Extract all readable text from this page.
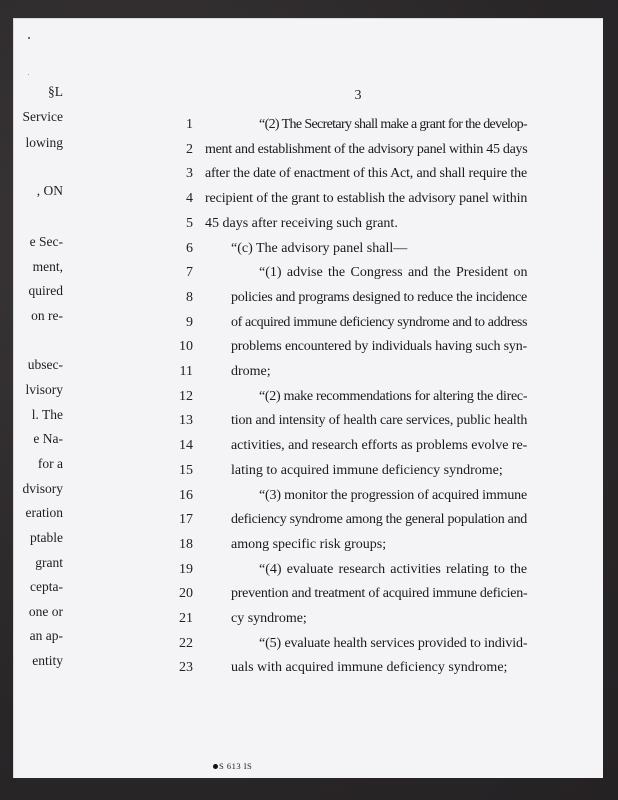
§L
Service
lowing
, ON
e Sec-
ment,
quired
on re-
ubsec-
lvisory
l. The
e Na-
for a
dvisory
eration
ptable
grant
cepta-
one or
an ap-
entity
3
1	“(2) The Secretary shall make a grant for the develop-
2 ment and establishment of the advisory panel within 45 days
3 after the date of enactment of this Act, and shall require the
4 recipient of the grant to establish the advisory panel within
5 45 days after receiving such grant.
6	“(c) The advisory panel shall—
7	“(1) advise the Congress and the President on
8	policies and programs designed to reduce the incidence
9	of acquired immune deficiency syndrome and to address
10	problems encountered by individuals having such syn-
11	drome;
12	“(2) make recommendations for altering the direc-
13	tion and intensity of health care services, public health
14	activities, and research efforts as problems evolve re-
15	lating to acquired immune deficiency syndrome;
16	“(3) monitor the progression of acquired immune
17	deficiency syndrome among the general population and
18	among specific risk groups;
19	“(4) evaluate research activities relating to the
20	prevention and treatment of acquired immune deficien-
21	cy syndrome;
22	“(5) evaluate health services provided to individ-
23	uals with acquired immune deficiency syndrome;
S 613 IS
